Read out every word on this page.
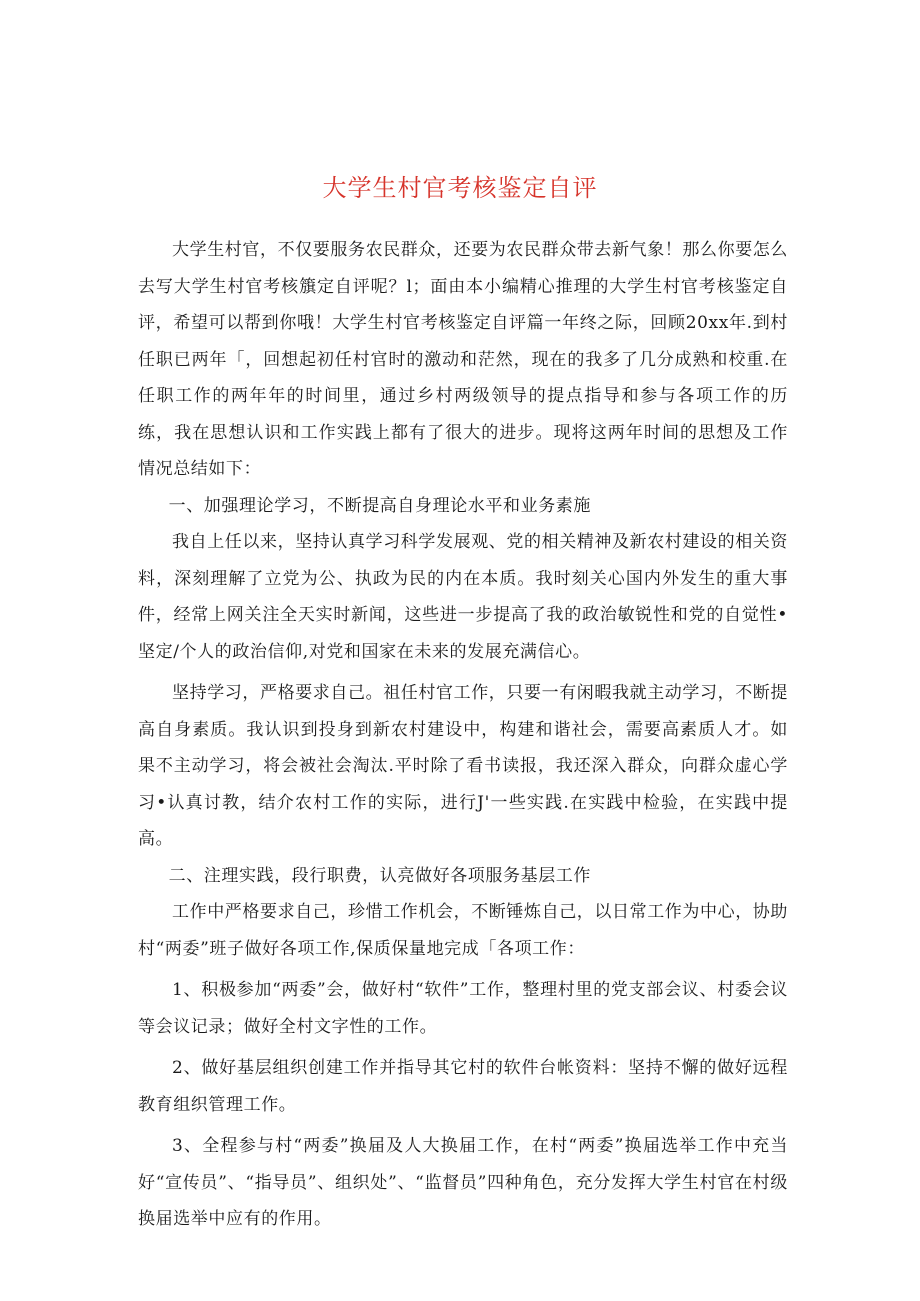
大学生村官考核鉴定自评

大学生村官，不仅要服务农民群众，还要为农民群众带去新气象！那么你要怎么去写大学生村官考核籏定自评呢？l；面由本小编精心推理的大学生村官考核鉴定自评，希望可以帮到你哦！大学生村官考核鉴定自评篇一年终之际，回顾20xx年.到村任职已两年「，回想起初任村官时的激动和茫然，现在的我多了几分成熟和校重.在任职工作的两年年的时间里，通过乡村两级领导的提点指导和参与各项工作的历练，我在思想认识和工作实践上都有了很大的进步。现将这两年时间的思想及工作情况总结如下：

一、加强理论学习，不断提高自身理论水平和业务素施

我自上任以来，坚持认真学习科学发展观、党的相关精神及新农村建设的相关资料，深刻理解了立党为公、执政为民的内在本质。我时刻关心国内外发生的重大事件，经常上网关注全天实时新闻，这些进一步提高了我的政治敏锐性和党的自觉性•坚定/个人的政治信仰,对党和国家在未来的发展充满信心。

坚持学习，严格要求自己。祖任村官工作，只要一有闲暇我就主动学习，不断提高自身素质。我认识到投身到新农村建设中，构建和谐社会，需要高素质人才。如果不主动学习，将会被社会淘汰.平时除了看书读报，我还深入群众，向群众虚心学习•认真讨教，结介农村工作的实际，进行J'一些实践.在实践中检验，在实践中提高。

二、注理实践，段行职费，认亮做好各项服务基层工作

工作中严格要求自己，珍惜工作机会，不断锤炼自己，以日常工作为中心，协助村“两委”班子做好各项工作,保质保量地完成「各项工作：

1、积极参加“两委”会，做好村“软件”工作，整理村里的党支部会议、村委会议等会议记录；做好全村文字性的工作。

2、做好基层组织创建工作并指导其它村的软件台帐资料：坚持不懈的做好远程教育组织管理工作。

3、全程参与村“两委”换届及人大换届工作，在村“两委”换届选举工作中充当好“宣传员”、“指导员”、组织处”、“监督员”四种角色，充分发挥大学生村官在村级换届选举中应有的作用。
